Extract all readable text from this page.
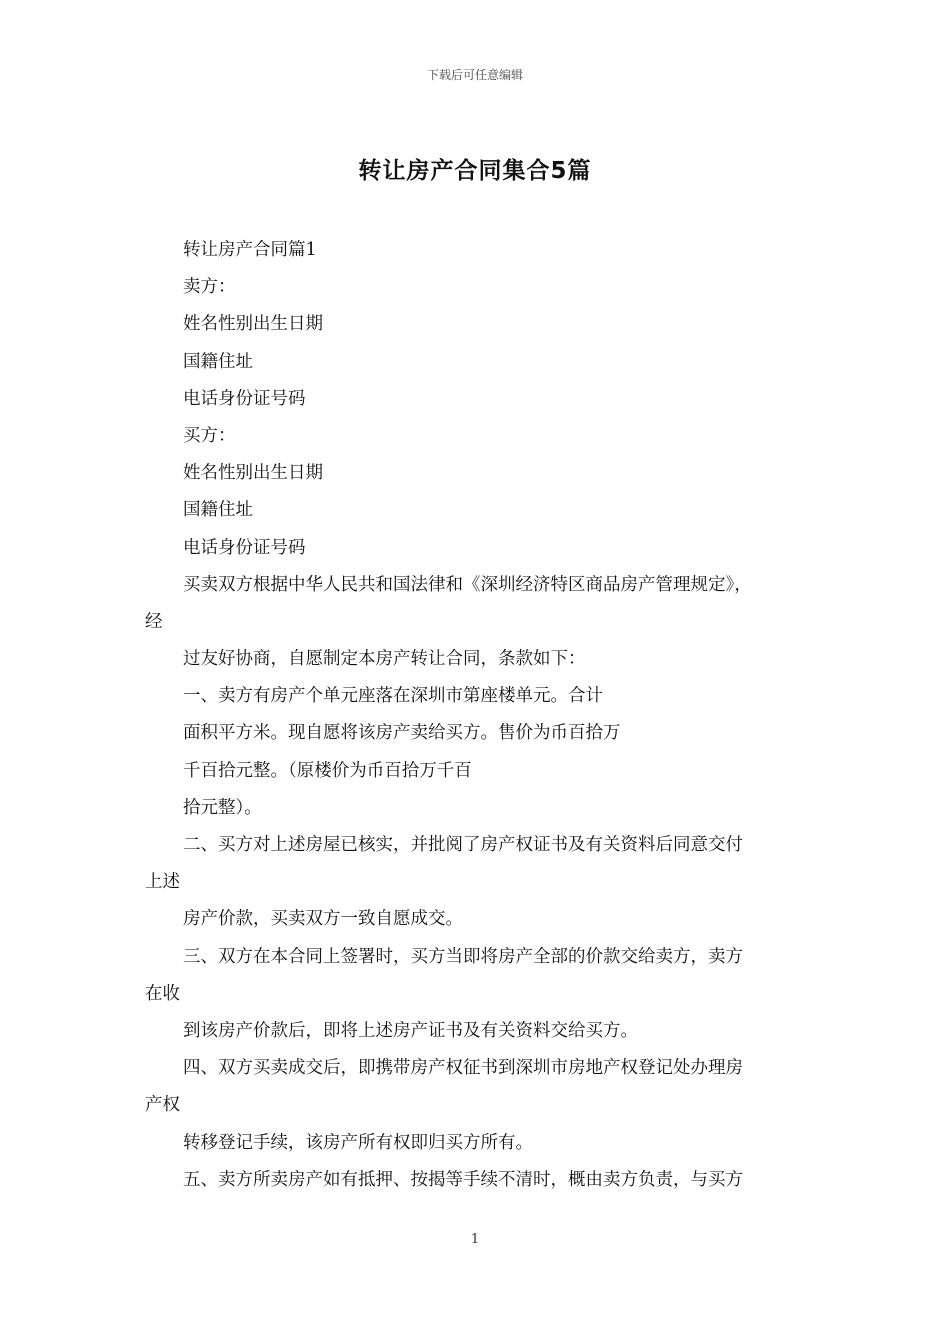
下载后可任意编辑
转让房产合同集合5篇
转让房产合同篇1
卖方：
姓名性别出生日期
国籍住址
电话身份证号码
买方：
姓名性别出生日期
国籍住址
电话身份证号码
买卖双方根据中华人民共和国法律和《深圳经济特区商品房产管理规定》，
经
过友好协商，自愿制定本房产转让合同，条款如下：
一、卖方有房产个单元座落在深圳市第座楼单元。合计
面积平方米。现自愿将该房产卖给买方。售价为币百拾万
千百拾元整。（原楼价为币百拾万千百
拾元整）。
二、买方对上述房屋已核实，并批阅了房产权证书及有关资料后同意交付
上述
房产价款，买卖双方一致自愿成交。
三、双方在本合同上签署时，买方当即将房产全部的价款交给卖方，卖方
在收
到该房产价款后，即将上述房产证书及有关资料交给买方。
四、双方买卖成交后，即携带房产权征书到深圳市房地产权登记处办理房
产权
转移登记手续，该房产所有权即归买方所有。
五、卖方所卖房产如有抵押、按揭等手续不清时，概由卖方负责，与买方
1
